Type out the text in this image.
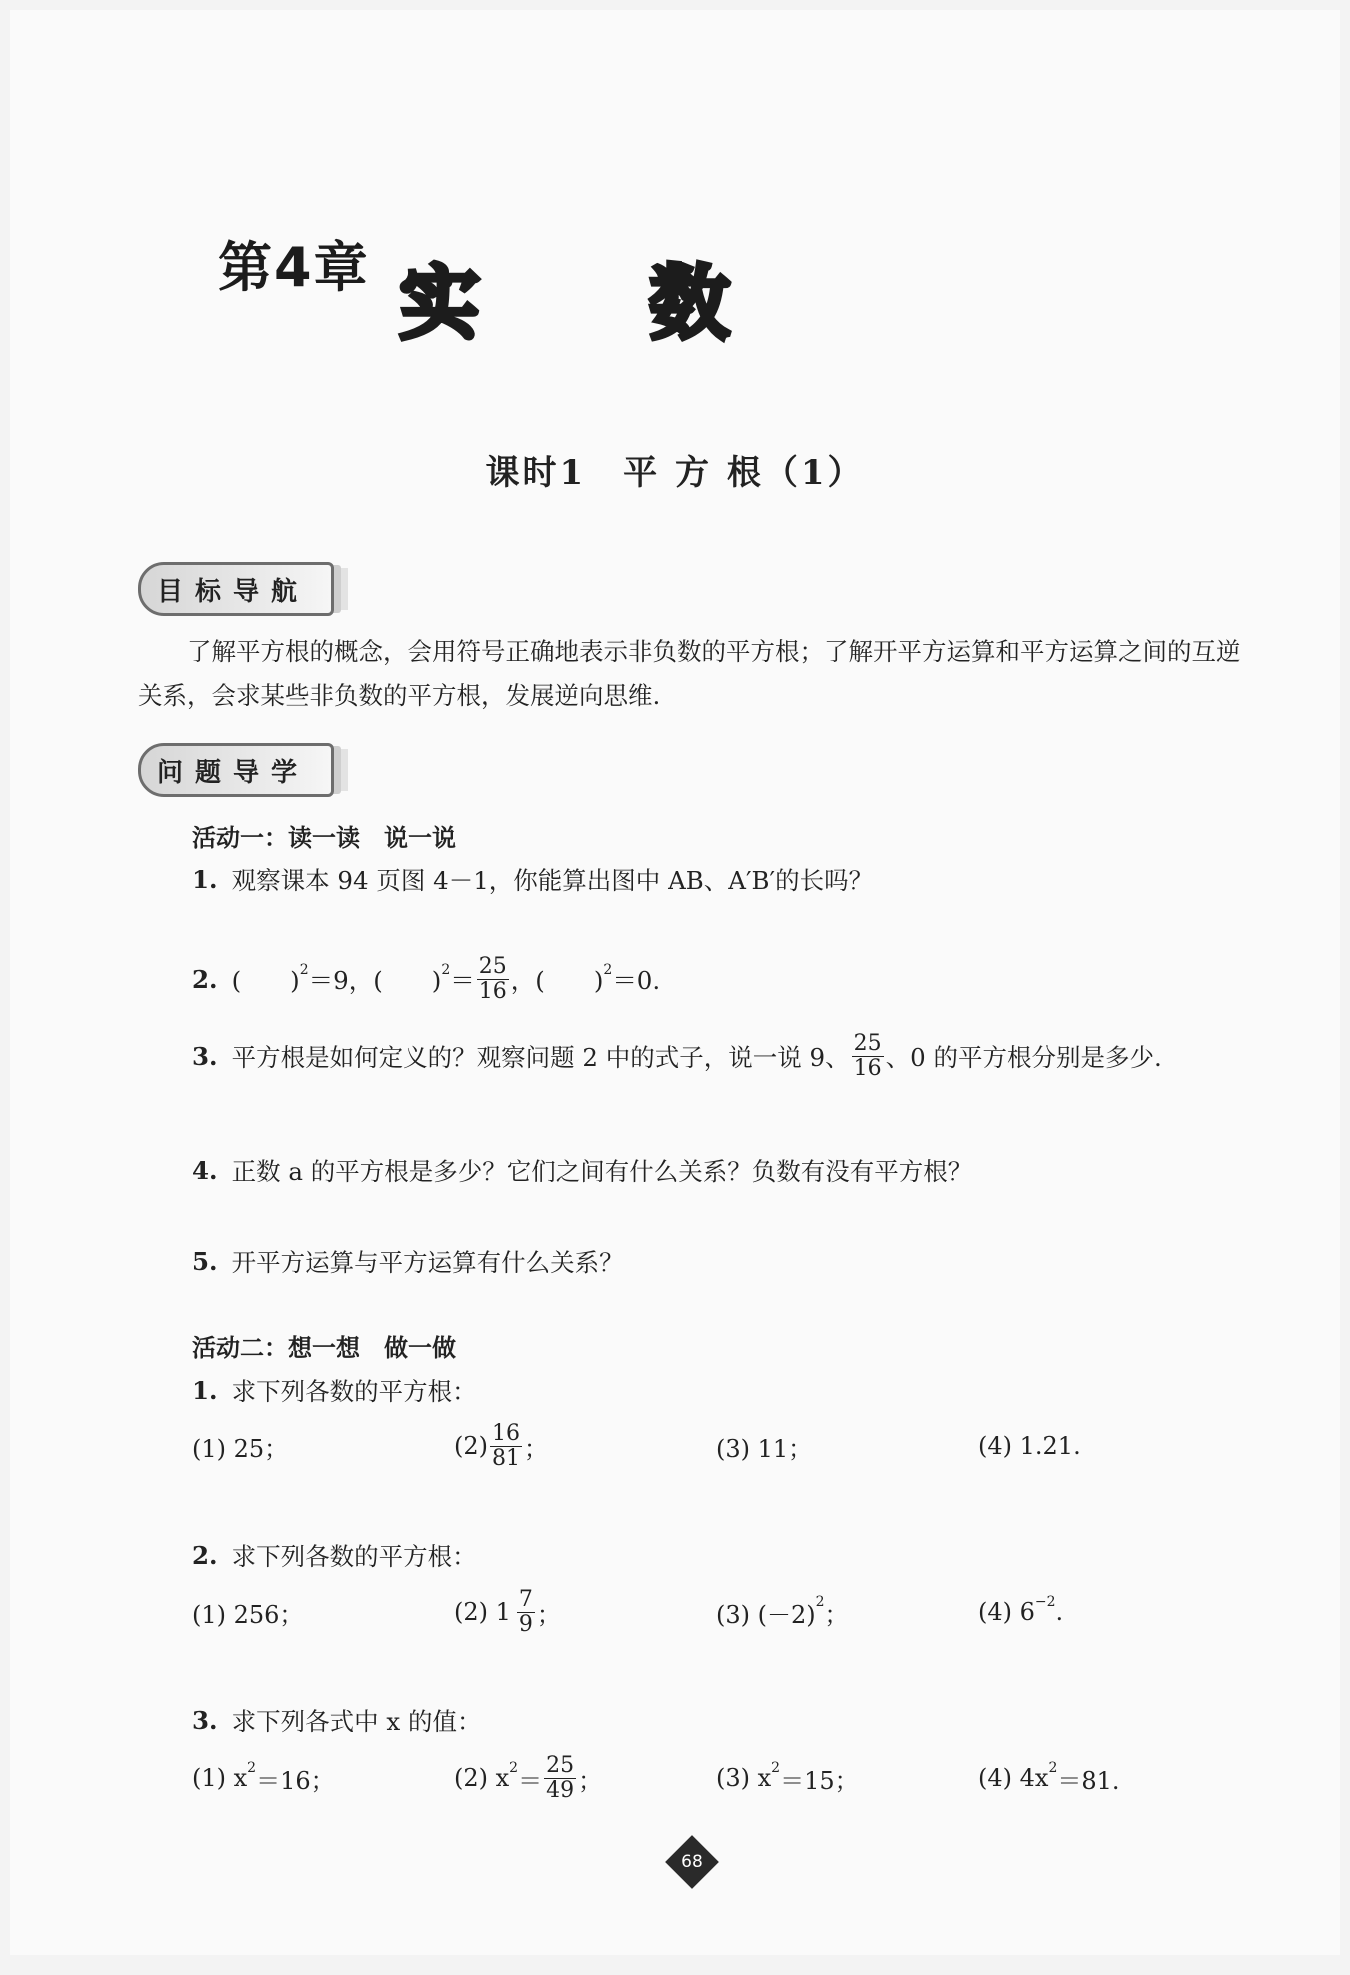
第4章 实数
课时1　平 方 根（1）
目标导航
了解平方根的概念，会用符号正确地表示非负数的平方根；了解开平方运算和平方运算之间的互逆关系，会求某些非负数的平方根，发展逆向思维.
问题导学
活动一：读一读　说一说
1. 观察课本 94 页图 4－1，你能算出图中 AB、A′B′的长吗？
2. (　　) 2 ＝9， (　　) $2 = \frac{25}{16}$ ， (　　) 2 ＝0.
3. 平方根是如何定义的？观察问题 2 中的式子，说一说 9、 $\frac{25}{16}$ 、0 的平方根分别是多少.
4. 正数 a 的平方根是多少？它们之间有什么关系？负数有没有平方根？
5. 开平方运算与平方运算有什么关系？
活动二：想一想　做一做
1. 求下列各数的平方根：
(1) 25；	$(2) \frac{16}{81}$ ；	(3) 11；	(4) 1.21.
2. 求下列各数的平方根：
(1) 256；	(2) $1 \frac{7}{9}$ ；	(3) (－2) 2 ；	(4) 6 −2 .
3. 求下列各式中 x 的值：
(1) x 2 ＝16；	(2) x $2 = \frac{25}{49}$ ；	(3) x 2 ＝15；	(4) 4x 2 ＝81.
68
